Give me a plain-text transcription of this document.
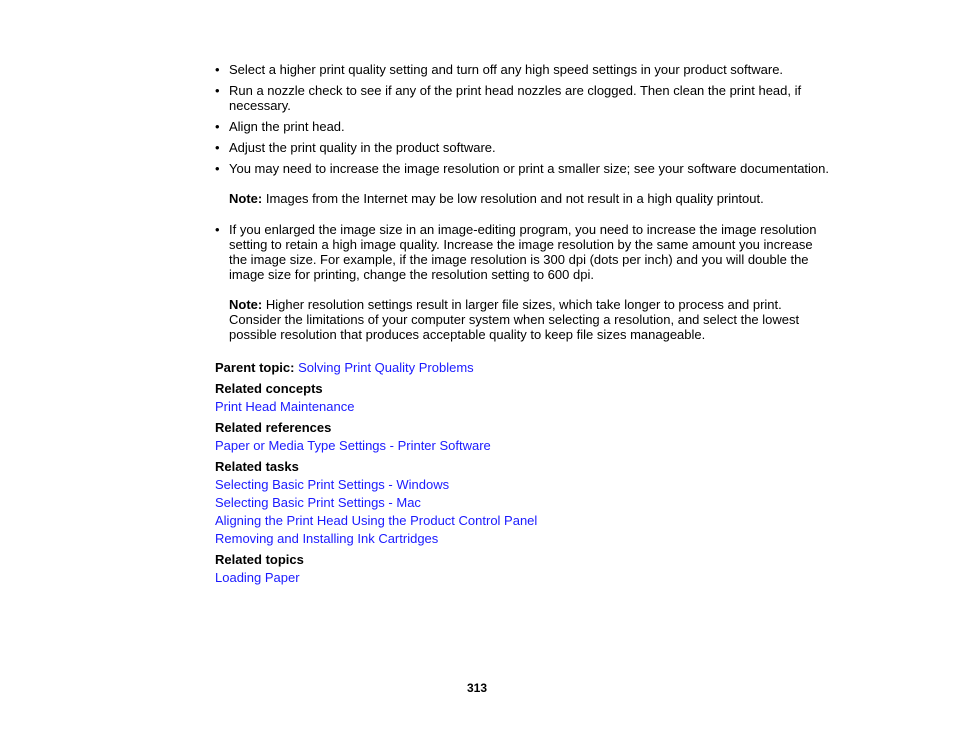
• Select a higher print quality setting and turn off any high speed settings in your product software.
• Run a nozzle check to see if any of the print head nozzles are clogged. Then clean the print head, if necessary.
• Align the print head.
• Adjust the print quality in the product software.
• You may need to increase the image resolution or print a smaller size; see your software documentation.
Note: Images from the Internet may be low resolution and not result in a high quality printout.
• If you enlarged the image size in an image-editing program, you need to increase the image resolution setting to retain a high image quality. Increase the image resolution by the same amount you increase the image size. For example, if the image resolution is 300 dpi (dots per inch) and you will double the image size for printing, change the resolution setting to 600 dpi.
Note: Higher resolution settings result in larger file sizes, which take longer to process and print. Consider the limitations of your computer system when selecting a resolution, and select the lowest possible resolution that produces acceptable quality to keep file sizes manageable.
Parent topic: Solving Print Quality Problems
Related concepts
Print Head Maintenance
Related references
Paper or Media Type Settings - Printer Software
Related tasks
Selecting Basic Print Settings - Windows
Selecting Basic Print Settings - Mac
Aligning the Print Head Using the Product Control Panel
Removing and Installing Ink Cartridges
Related topics
Loading Paper
313
